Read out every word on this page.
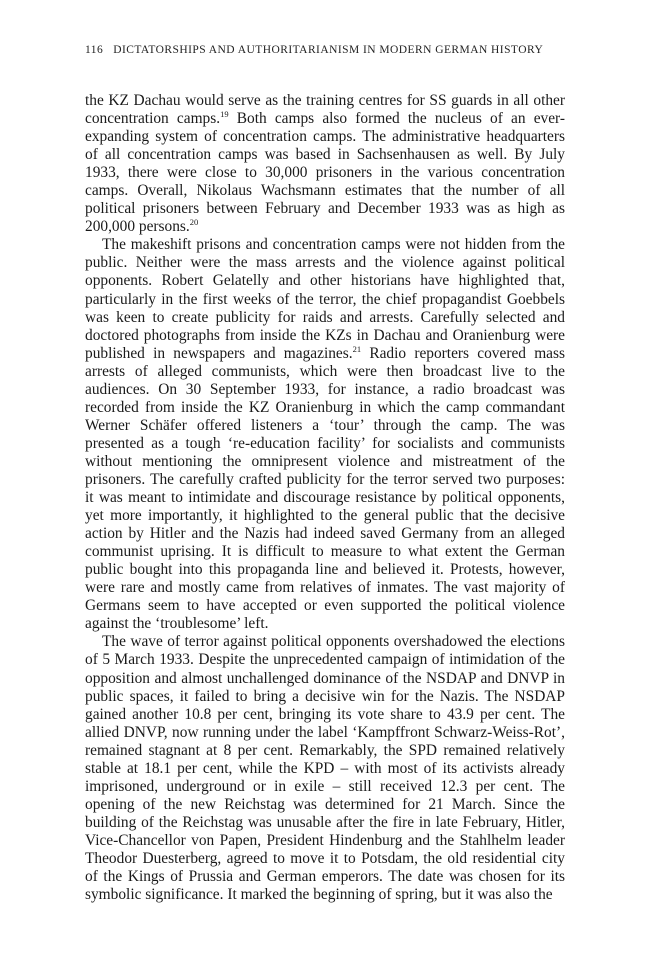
116 DICTATORSHIPS AND AUTHORITARIANISM IN MODERN GERMAN HISTORY

the KZ Dachau would serve as the training centres for SS guards in all other concentration camps.$^{19}$ Both camps also formed the nucleus of an ever-expanding system of concentration camps. The administrative headquarters of all concentration camps was based in Sachsenhausen as well. By July 1933, there were close to 30,000 prisoners in the various concentration camps. Overall, Nikolaus Wachsmann estimates that the number of all political prisoners between February and December 1933 was as high as 200,000 persons.$^{20}$

The makeshift prisons and concentration camps were not hidden from the public. Neither were the mass arrests and the violence against political opponents. Robert Gelatelly and other historians have highlighted that, particularly in the first weeks of the terror, the chief propagandist Goebbels was keen to create publicity for raids and arrests. Carefully selected and doctored photographs from inside the KZs in Dachau and Oranienburg were published in newspapers and magazines.$^{21}$ Radio reporters covered mass arrests of alleged communists, which were then broadcast live to the audiences. On 30 September 1933, for instance, a radio broadcast was recorded from inside the KZ Oranienburg in which the camp commandant Werner Schäfer offered listeners a ‘tour’ through the camp. The was presented as a tough ‘re-education facility’ for socialists and communists without mentioning the omnipresent violence and mistreatment of the prisoners. The carefully crafted publicity for the terror served two purposes: it was meant to intimidate and discourage resistance by political opponents, yet more importantly, it highlighted to the general public that the decisive action by Hitler and the Nazis had indeed saved Germany from an alleged communist uprising. It is difficult to measure to what extent the German public bought into this propaganda line and believed it. Protests, however, were rare and mostly came from relatives of inmates. The vast majority of Germans seem to have accepted or even supported the political violence against the ‘troublesome’ left.

The wave of terror against political opponents overshadowed the elections of 5 March 1933. Despite the unprecedented campaign of intimidation of the opposition and almost unchallenged dominance of the NSDAP and DNVP in public spaces, it failed to bring a decisive win for the Nazis. The NSDAP gained another 10.8 per cent, bringing its vote share to 43.9 per cent. The allied DNVP, now running under the label ‘Kampffront Schwarz-Weiss-Rot’, remained stagnant at 8 per cent. Remarkably, the SPD remained relatively stable at 18.1 per cent, while the KPD – with most of its activists already imprisoned, underground or in exile – still received 12.3 per cent. The opening of the new Reichstag was determined for 21 March. Since the building of the Reichstag was unusable after the fire in late February, Hitler, Vice-Chancellor von Papen, President Hindenburg and the Stahlhelm leader Theodor Duesterberg, agreed to move it to Potsdam, the old residential city of the Kings of Prussia and German emperors. The date was chosen for its symbolic significance. It marked the beginning of spring, but it was also the
